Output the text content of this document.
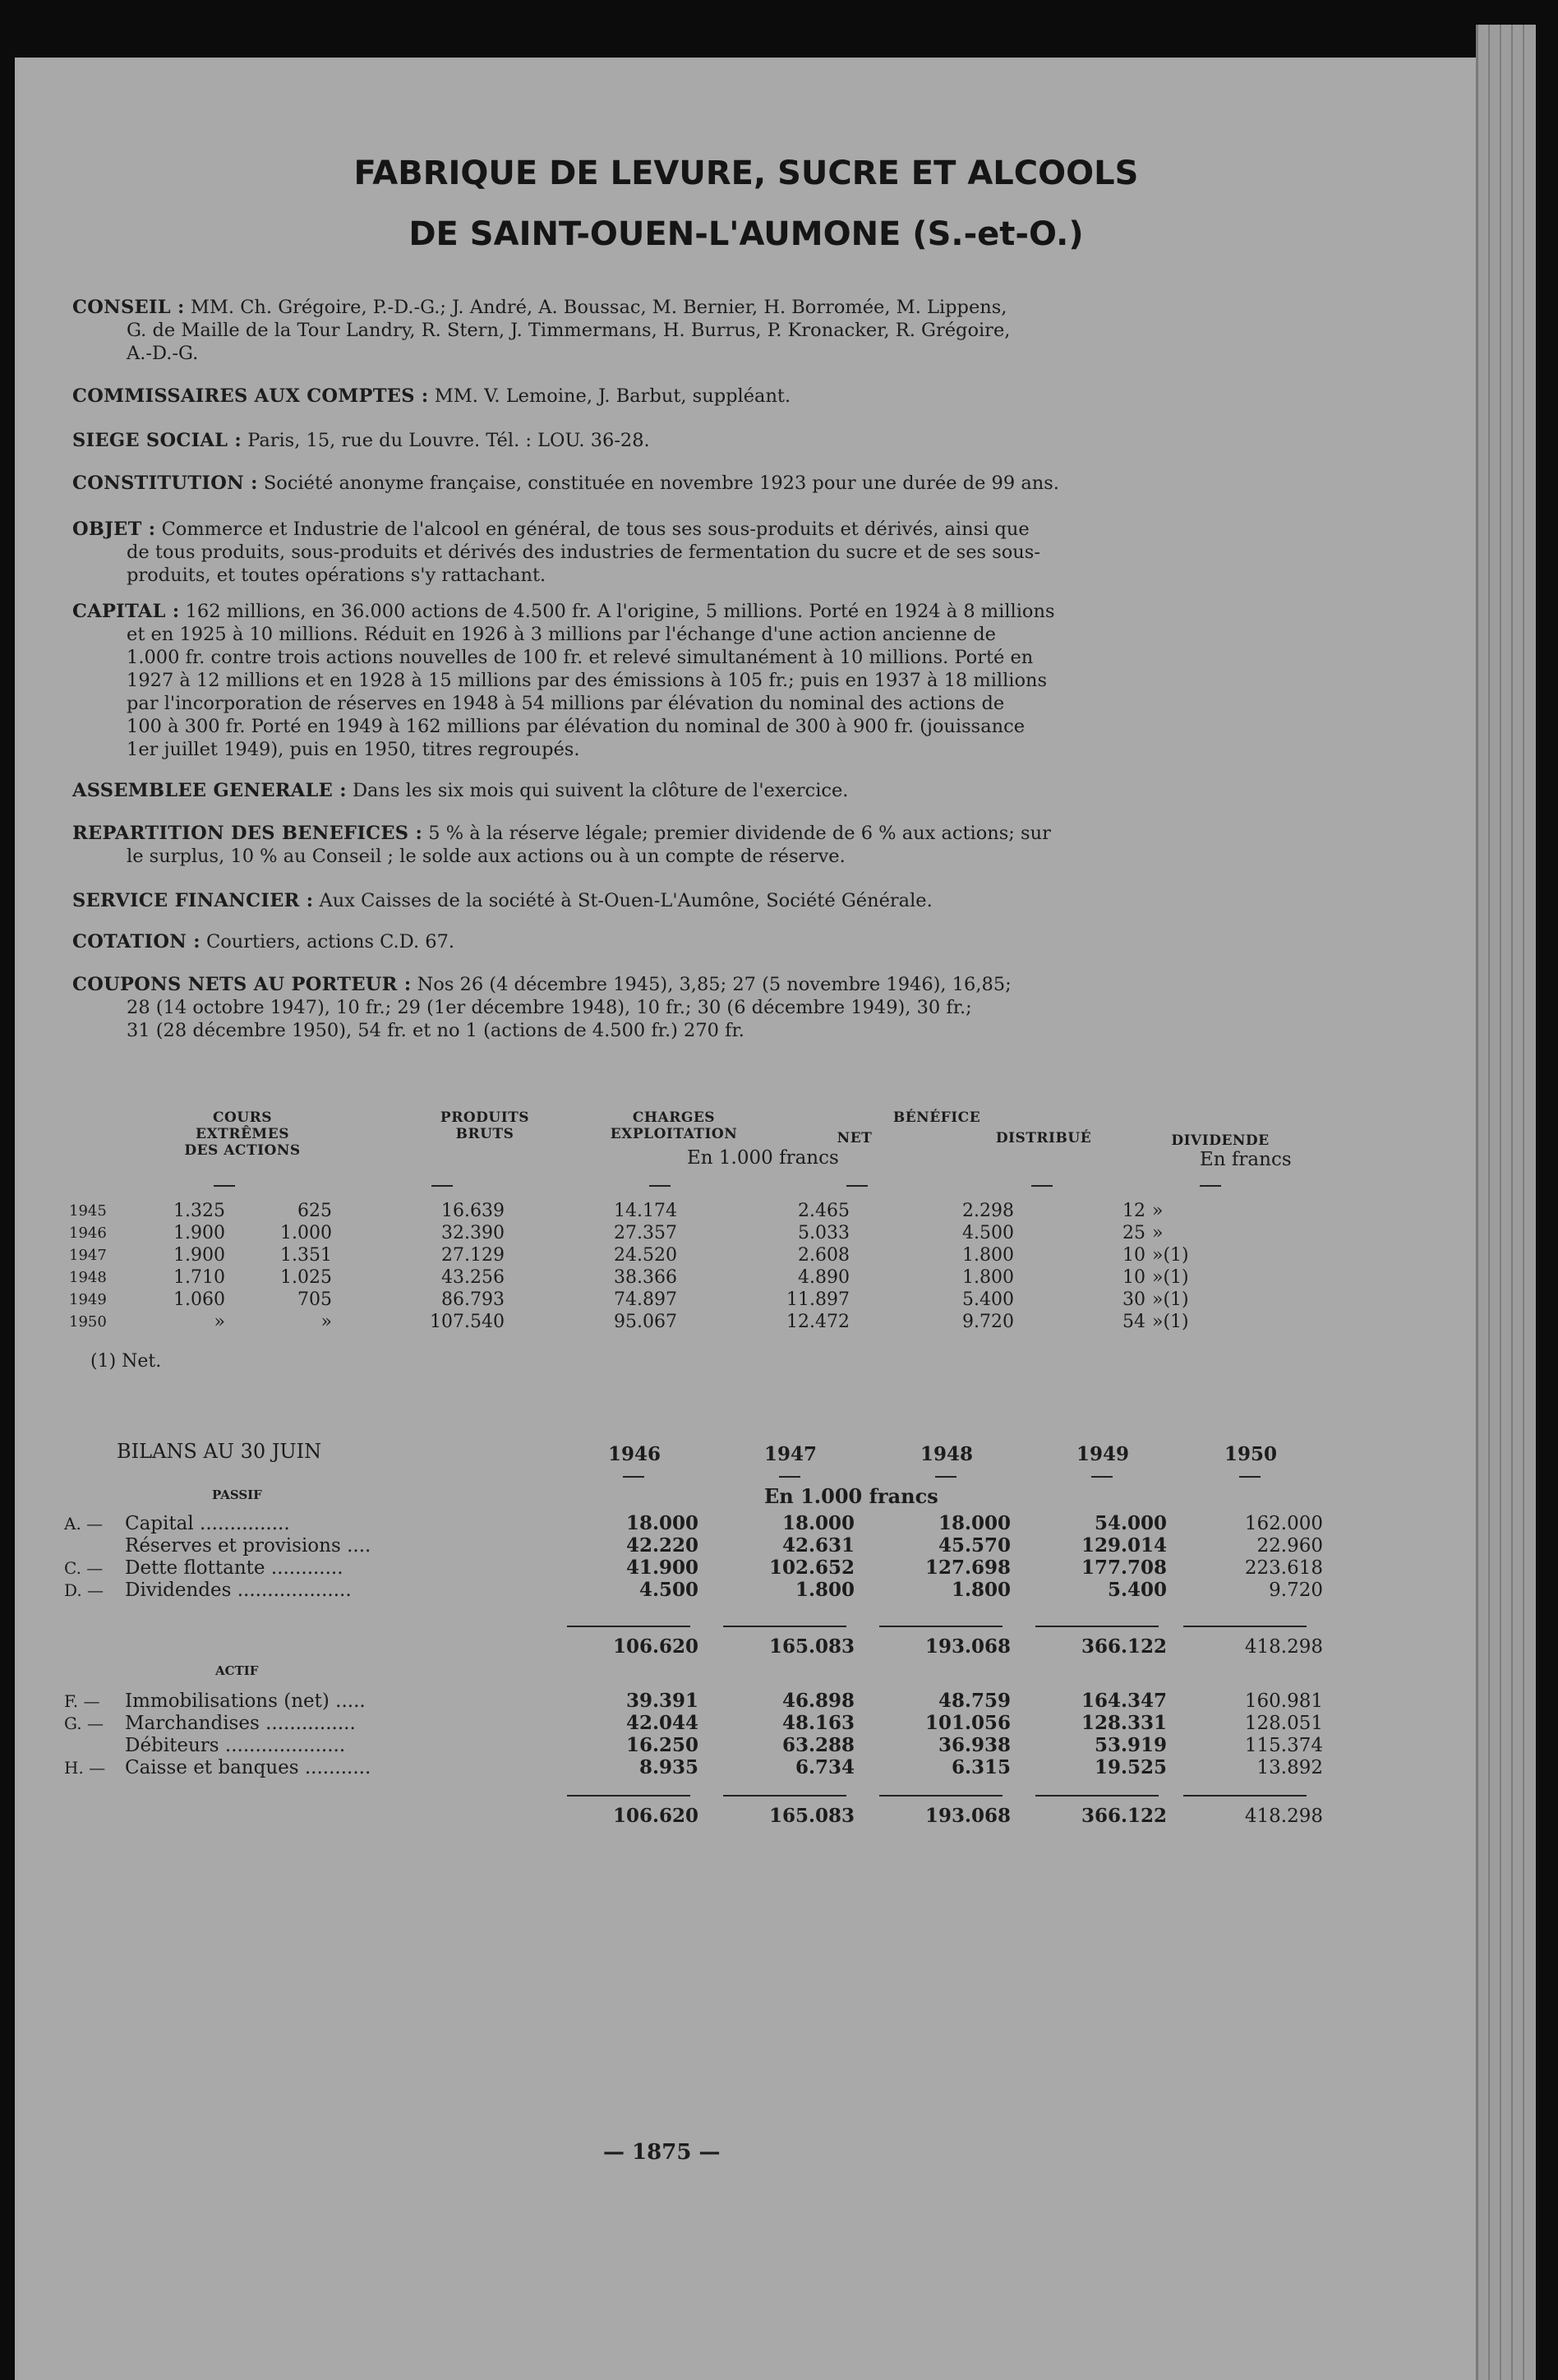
FABRIQUE DE LEVURE, SUCRE ET ALCOOLS
DE SAINT-OUEN-L'AUMONE (S.-et-O.)
CONSEIL : MM. Ch. Grégoire, P.-D.-G.; J. André, A. Boussac, M. Bernier, H. Borromée, M. Lippens,
G. de Maille de la Tour Landry, R. Stern, J. Timmermans, H. Burrus, P. Kronacker, R. Grégoire,
A.-D.-G.
COMMISSAIRES AUX COMPTES : MM. V. Lemoine, J. Barbut, suppléant.
SIEGE SOCIAL : Paris, 15, rue du Louvre. Tél. : LOU. 36-28.
CONSTITUTION : Société anonyme française, constituée en novembre 1923 pour une durée de 99 ans.
OBJET : Commerce et Industrie de l'alcool en général, de tous ses sous-produits et dérivés, ainsi que
de tous produits, sous-produits et dérivés des industries de fermentation du sucre et de ses sous-
produits, et toutes opérations s'y rattachant.
CAPITAL : 162 millions, en 36.000 actions de 4.500 fr. A l'origine, 5 millions. Porté en 1924 à 8 millions
et en 1925 à 10 millions. Réduit en 1926 à 3 millions par l'échange d'une action ancienne de
1.000 fr. contre trois actions nouvelles de 100 fr. et relevé simultanément à 10 millions. Porté en
1927 à 12 millions et en 1928 à 15 millions par des émissions à 105 fr.; puis en 1937 à 18 millions
par l'incorporation de réserves en 1948 à 54 millions par élévation du nominal des actions de
100 à 300 fr. Porté en 1949 à 162 millions par élévation du nominal de 300 à 900 fr. (jouissance
1er juillet 1949), puis en 1950, titres regroupés.
ASSEMBLEE GENERALE : Dans les six mois qui suivent la clôture de l'exercice.
REPARTITION DES BENEFICES : 5 % à la réserve légale; premier dividende de 6 % aux actions; sur
le surplus, 10 % au Conseil ; le solde aux actions ou à un compte de réserve.
SERVICE FINANCIER : Aux Caisses de la société à St-Ouen-L'Aumône, Société Générale.
COTATION : Courtiers, actions C.D. 67.
COUPONS NETS AU PORTEUR : Nos 26 (4 décembre 1945), 3,85; 27 (5 novembre 1946), 16,85;
28 (14 octobre 1947), 10 fr.; 29 (1er décembre 1948), 10 fr.; 30 (6 décembre 1949), 30 fr.;
31 (28 décembre 1950), 54 fr. et no 1 (actions de 4.500 fr.) 270 fr.
COURS EXTRÊMES
DES ACTIONS
PRODUITS
BRUTS
CHARGES
EXPLOITATION
BÉNÉFICE
NET	DISTRIBUÉ	DIVIDENDE
En francs
En 1.000 francs
1945	1.325	625	16.639	14.174	2.465	2.298	12	»
1946	1.900	1.000	32.390	27.357	5.033	4.500	25	»
1947	1.900	1.351	27.129	24.520	2.608	1.800	10	»(1)
1948	1.710	1.025	43.256	38.366	4.890	1.800	10	»(1)
1949	1.060	705	86.793	74.897	11.897	5.400	30	»(1)
1950	»	»	107.540	95.067	12.472	9.720	54	»(1)
(1) Net.
BILANS AU 30 JUIN	1946	1947	1948	1949	1950
En 1.000 francs
PASSIF
A. —	Capital ...............	18.000	18.000	18.000	54.000	162.000
	Réserves et provisions ....	42.220	42.631	45.570	129.014	22.960
C. —	Dette flottante ............	41.900	102.652	127.698	177.708	223.618
D. —	Dividendes ...................	4.500	1.800	1.800	5.400	9.720
	106.620	165.083	193.068	366.122	418.298
ACTIF
F. —	Immobilisations (net) .....	39.391	46.898	48.759	164.347	160.981
G. —	Marchandises ...............	42.044	48.163	101.056	128.331	128.051
	Débiteurs ....................	16.250	63.288	36.938	53.919	115.374
H. —	Caisse et banques ...........	8.935	6.734	6.315	19.525	13.892
	106.620	165.083	193.068	366.122	418.298
— 1875 —
